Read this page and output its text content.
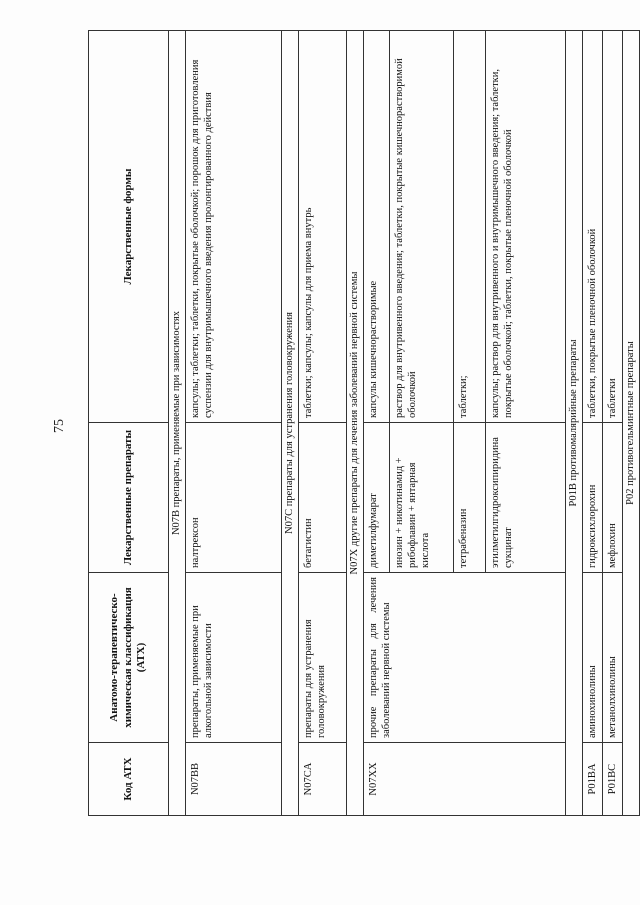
75
Код АТХ	Анатомо-терапевтическо-химическая классификация (АТХ)	Лекарственные препараты	Лекарственные формы
N07B препараты, применяемые при зависимостях			
N07BB	препараты, применяемые при алкогольной зависимости	налтрексон	капсулы; таблетки; таблетки, покрытые оболочкой; порошок для приготовления суспензии для внутримышечного введения пролонгированного действия
N07C препараты для устранения головокружения			
N07CA	препараты для устранения головокружения	бетагистин	таблетки; капсулы; капсулы для приема внутрь
N07X другие препараты для лечения заболеваний нервной системы			
N07XX	прочие препараты для лечения заболеваний нервной системы	диметилфумарат	капсулы кишечнорастворимые
		инозин + никотинамид + рибофлавин + янтарная кислота	раствор для внутривенного введения; таблетки, покрытые кишечнорастворимой оболочкой
		тетрабеназин	таблетки;
		этилметилгидроксипиридина сукцинат	капсулы; раствор для внутривенного и внутримышечного введения; таблетки, покрытые оболочкой; таблетки, покрытые пленочной оболочкой
P01B противомалярийные препараты			
P01BA	аминохинолины	гидроксихлорохин	таблетки, покрытые пленочной оболочкой
P01BC	метанолхинолины	мефлохин	таблетки
P02 противогельминтные препараты			
